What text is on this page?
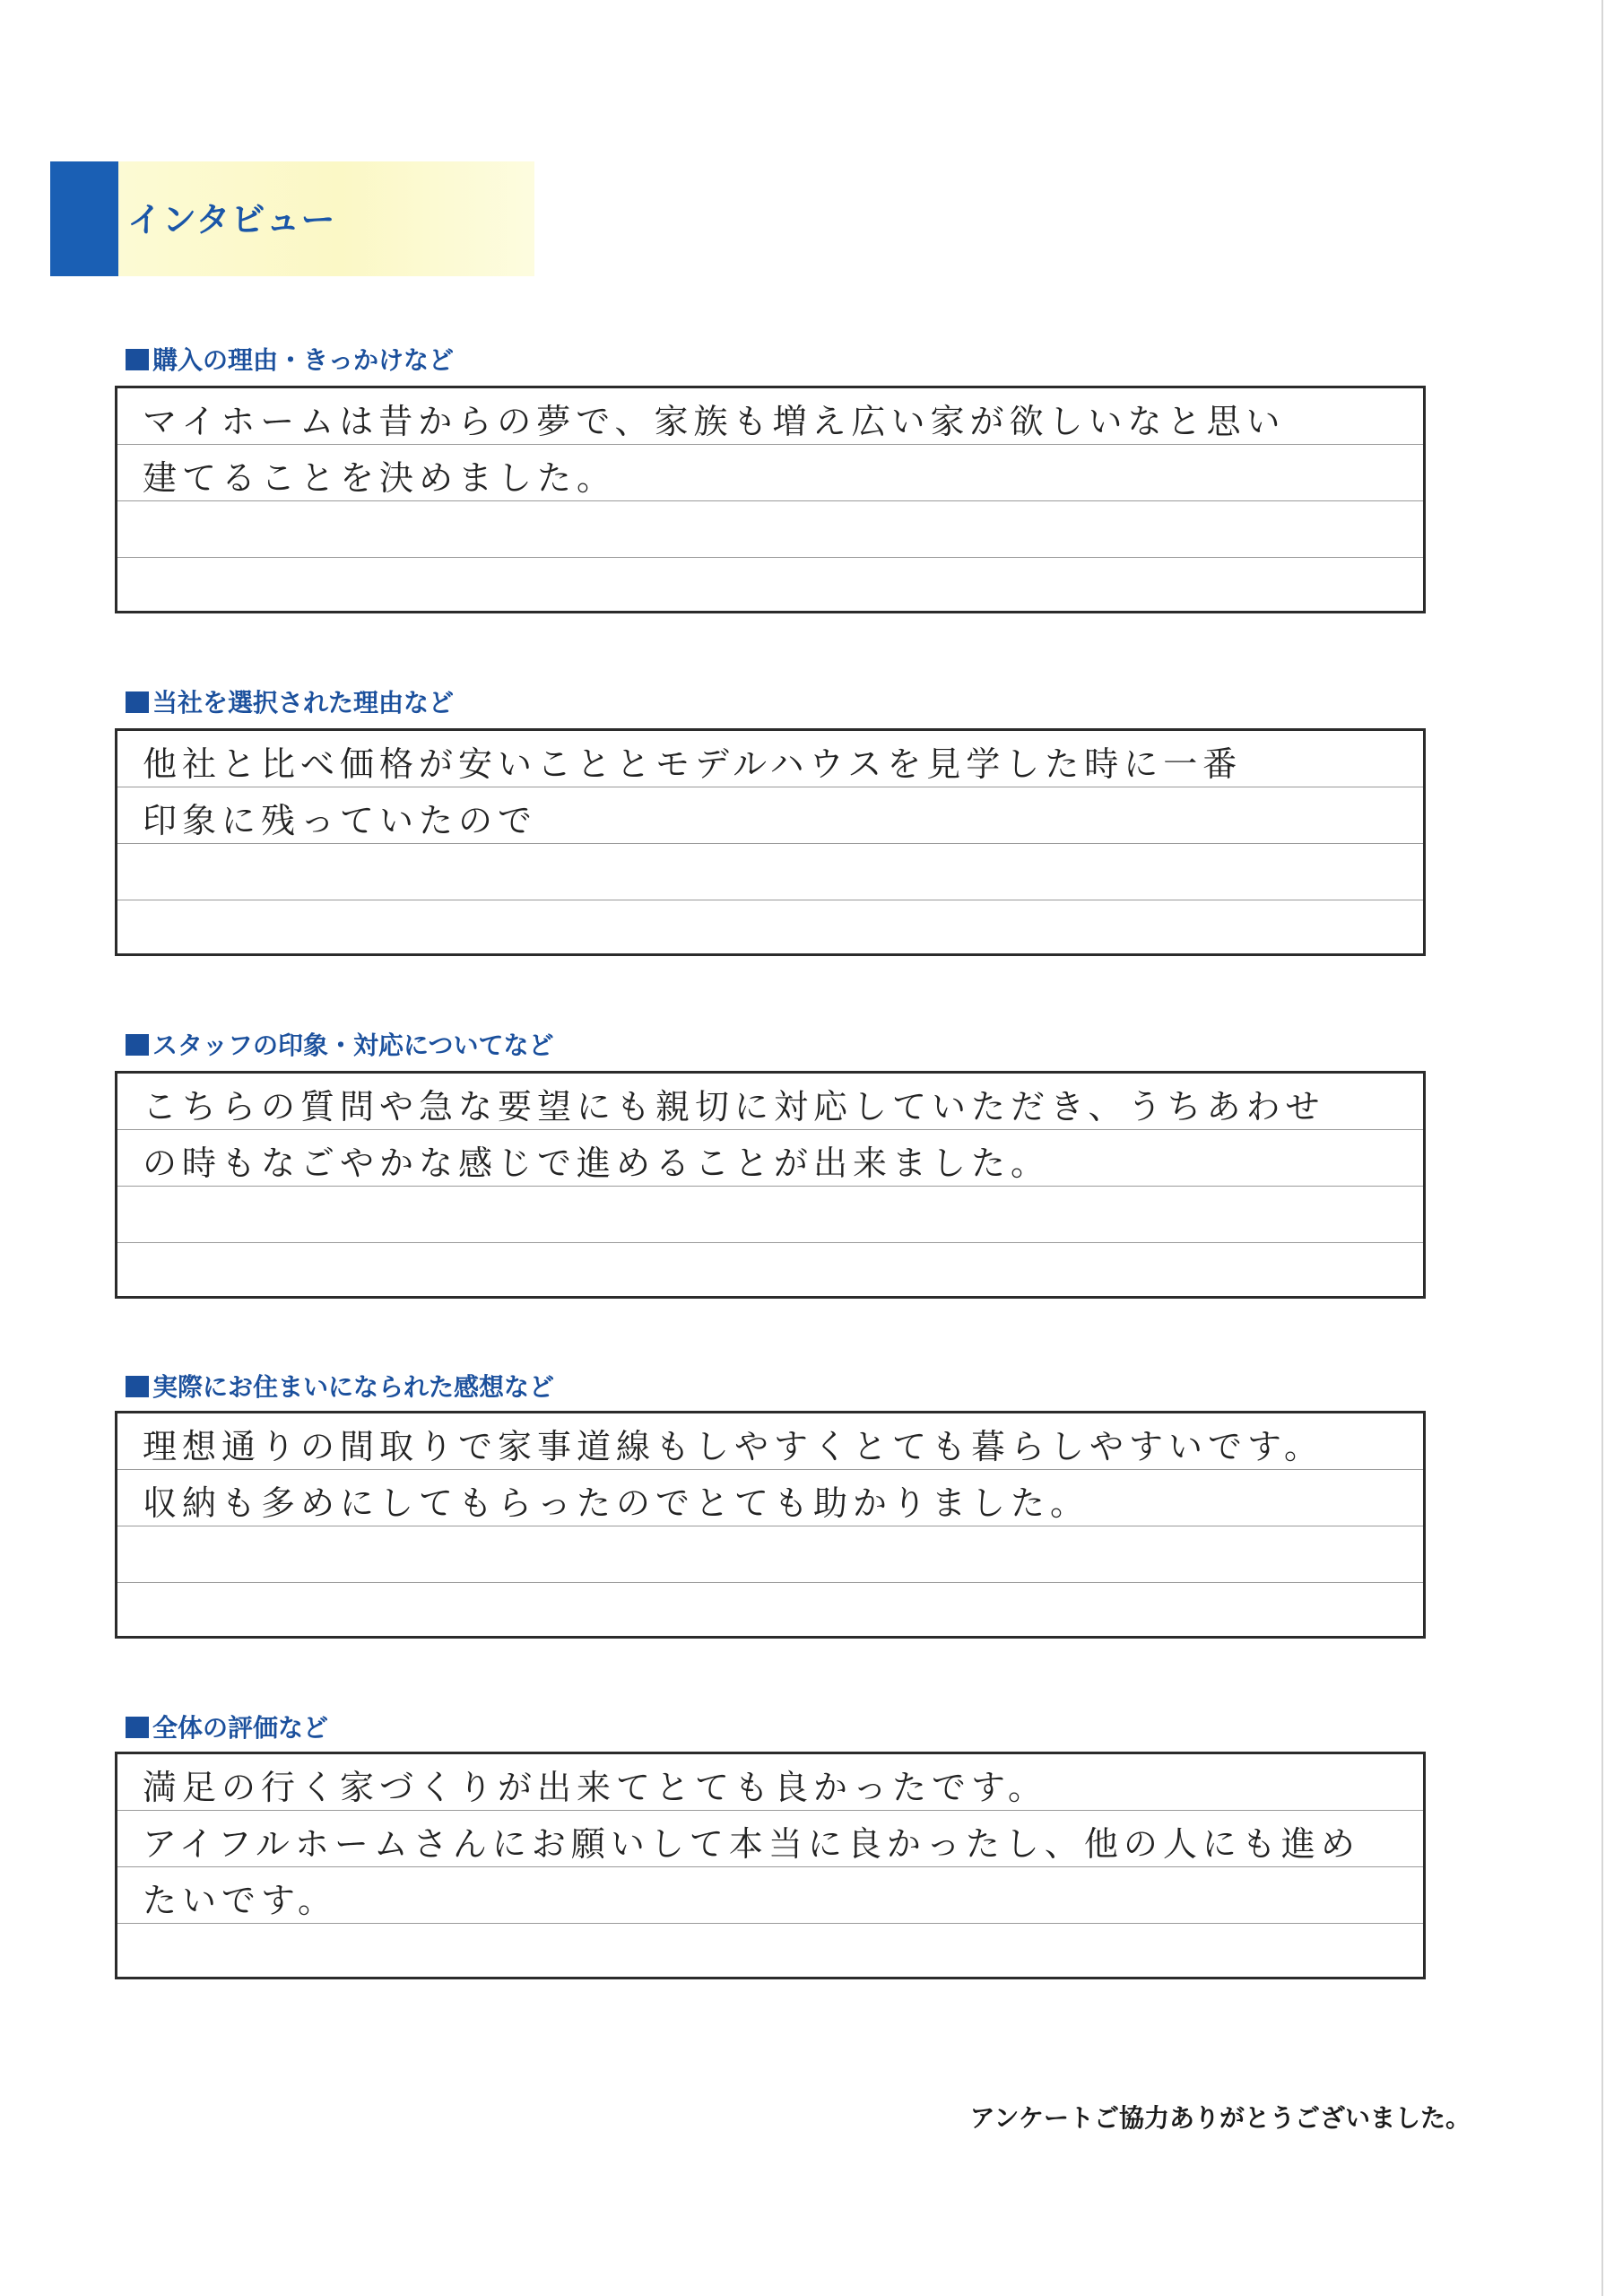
インタビュー
購入の理由・きっかけなど
マイホームは昔からの夢で、家族も増え広い家が欲しいなと思い
建てることを決めました。
当社を選択された理由など
他社と比べ価格が安いこととモデルハウスを見学した時に一番
印象に残っていたので
スタッフの印象・対応についてなど
こちらの質問や急な要望にも親切に対応していただき、うちあわせ
の時もなごやかな感じで進めることが出来ました。
実際にお住まいになられた感想など
理想通りの間取りで家事道線もしやすくとても暮らしやすいです。
収納も多めにしてもらったのでとても助かりました。
全体の評価など
満足の行く家づくりが出来てとても良かったです。
アイフルホームさんにお願いして本当に良かったし、他の人にも進め
たいです。
アンケートご協力ありがとうございました。
